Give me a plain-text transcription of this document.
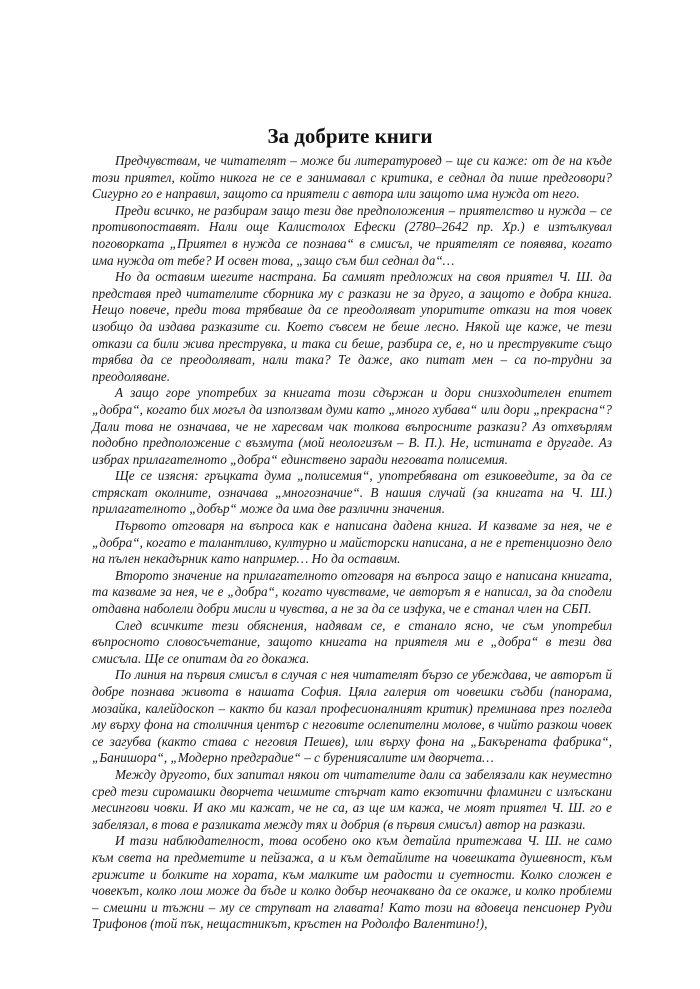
За добрите книги

Предчувствам, че читателят – може би литературовед – ще си каже: от де на къде този приятел, който никога не се е занимавал с критика, е седнал да пише предговори? Сигурно го е направил, защото са приятели с автора или защото има нужда от него.

Преди всичко, не разбирам защо тези две предположения – приятелство и нужда – се противопоставят. Нали още Калистолох Ефески (2780–2642 пр. Хр.) е изтълкувал поговорката „Приятел в нужда се познава“ в смисъл, че приятелят се появява, когато има нужда от тебе? И освен това, „защо съм бил седнал да“…

Но да оставим шегите настрана. Ба самият предложих на своя приятел Ч. Ш. да представя пред читателите сборника му с разкази не за друго, а защото е добра книга. Нещо повече, преди това трябваше да се преодоляват упоритите откази на тоя човек изобщо да издава разказите си. Което съвсем не беше лесно. Някой ще каже, че тези откази са били жива преструвка, и така си беше, разбира се, е, но и преструвките също трябва да се преодоляват, нали така? Те даже, ако питат мен – са по-трудни за преодоляване.

А защо горе употребих за книгата този сдържан и дори снизходителен епитет „добра“, когато бих могъл да използвам думи като „много хубава“ или дори „прекрасна“? Дали това не означава, че не харесвам чак толкова въпросните разкази? Аз отхвърлям подобно предположение с възмута (мой неологизъм – В. П.). Не, истината е другаде. Аз избрах прилагателното „добра“ единствено заради неговата полисемия.

Ще се изясня: гръцката дума „полисемия“, употребявана от езиковедите, за да се стряскат околните, означава „многозначие“. В нашия случай (за книгата на Ч. Ш.) прилагателното „добър“ може да има две различни значения.

Първото отговаря на въпроса как е написана дадена книга. И казваме за нея, че е „добра“, когато е талантливо, културно и майсторски написана, а не е претенциозно дело на пълен некадърник като например… Но да оставим.

Второто значение на прилагателното отговаря на въпроса защо е написана книгата, та казваме за нея, че е „добра“, когато чувстваме, че авторът я е написал, за да сподели отдавна наболели добри мисли и чувства, а не за да се изфука, че е станал член на СБП.

След всичките тези обяснения, надявам се, е станало ясно, че съм употребил въпросното словосъчетание, защото книгата на приятеля ми е „добра“ в тези два смисъла. Ще се опитам да го докажа.

По линия на първия смисъл в случая с нея читателят бързо се убеждава, че авторът й добре познава живота в нашата София. Цяла галерия от човешки съдби (панорама, мозайка, калейдоскоп – както би казал професионалният критик) преминава през погледа му върху фона на столичния център с неговите ослепителни молове, в чийто разкош човек се загубва (както става с неговия Пешев), или върху фона на „Бакърената фабрика“, „Банишора“, „Модерно предградие“ – с бурениясалите им дворчета…

Между другото, бих запитал някои от читателите дали са забелязали как неуместно сред тези сиромашки дворчета чешмите стърчат като екзотични фламинги с излъскани месингови човки. И ако ми кажат, че не са, аз ще им кажа, че моят приятел Ч. Ш. го е забелязал, в това е разликата между тях и добрия (в първия смисъл) автор на разкази.

И тази наблюдателност, това особено око към детайла притежава Ч. Ш. не само към света на предметите и пейзажа, а и към детайлите на човешката душевност, към грижите и болките на хората, към малките им радости и суетности. Колко сложен е човекът, колко лош може да бъде и колко добър неочаквано да се окаже, и колко проблеми – смешни и тъжни – му се струпват на главата! Като този на вдовеца пенсионер Руди Трифонов (той пък, нещастникът, кръстен на Родолфо Валентино!),
